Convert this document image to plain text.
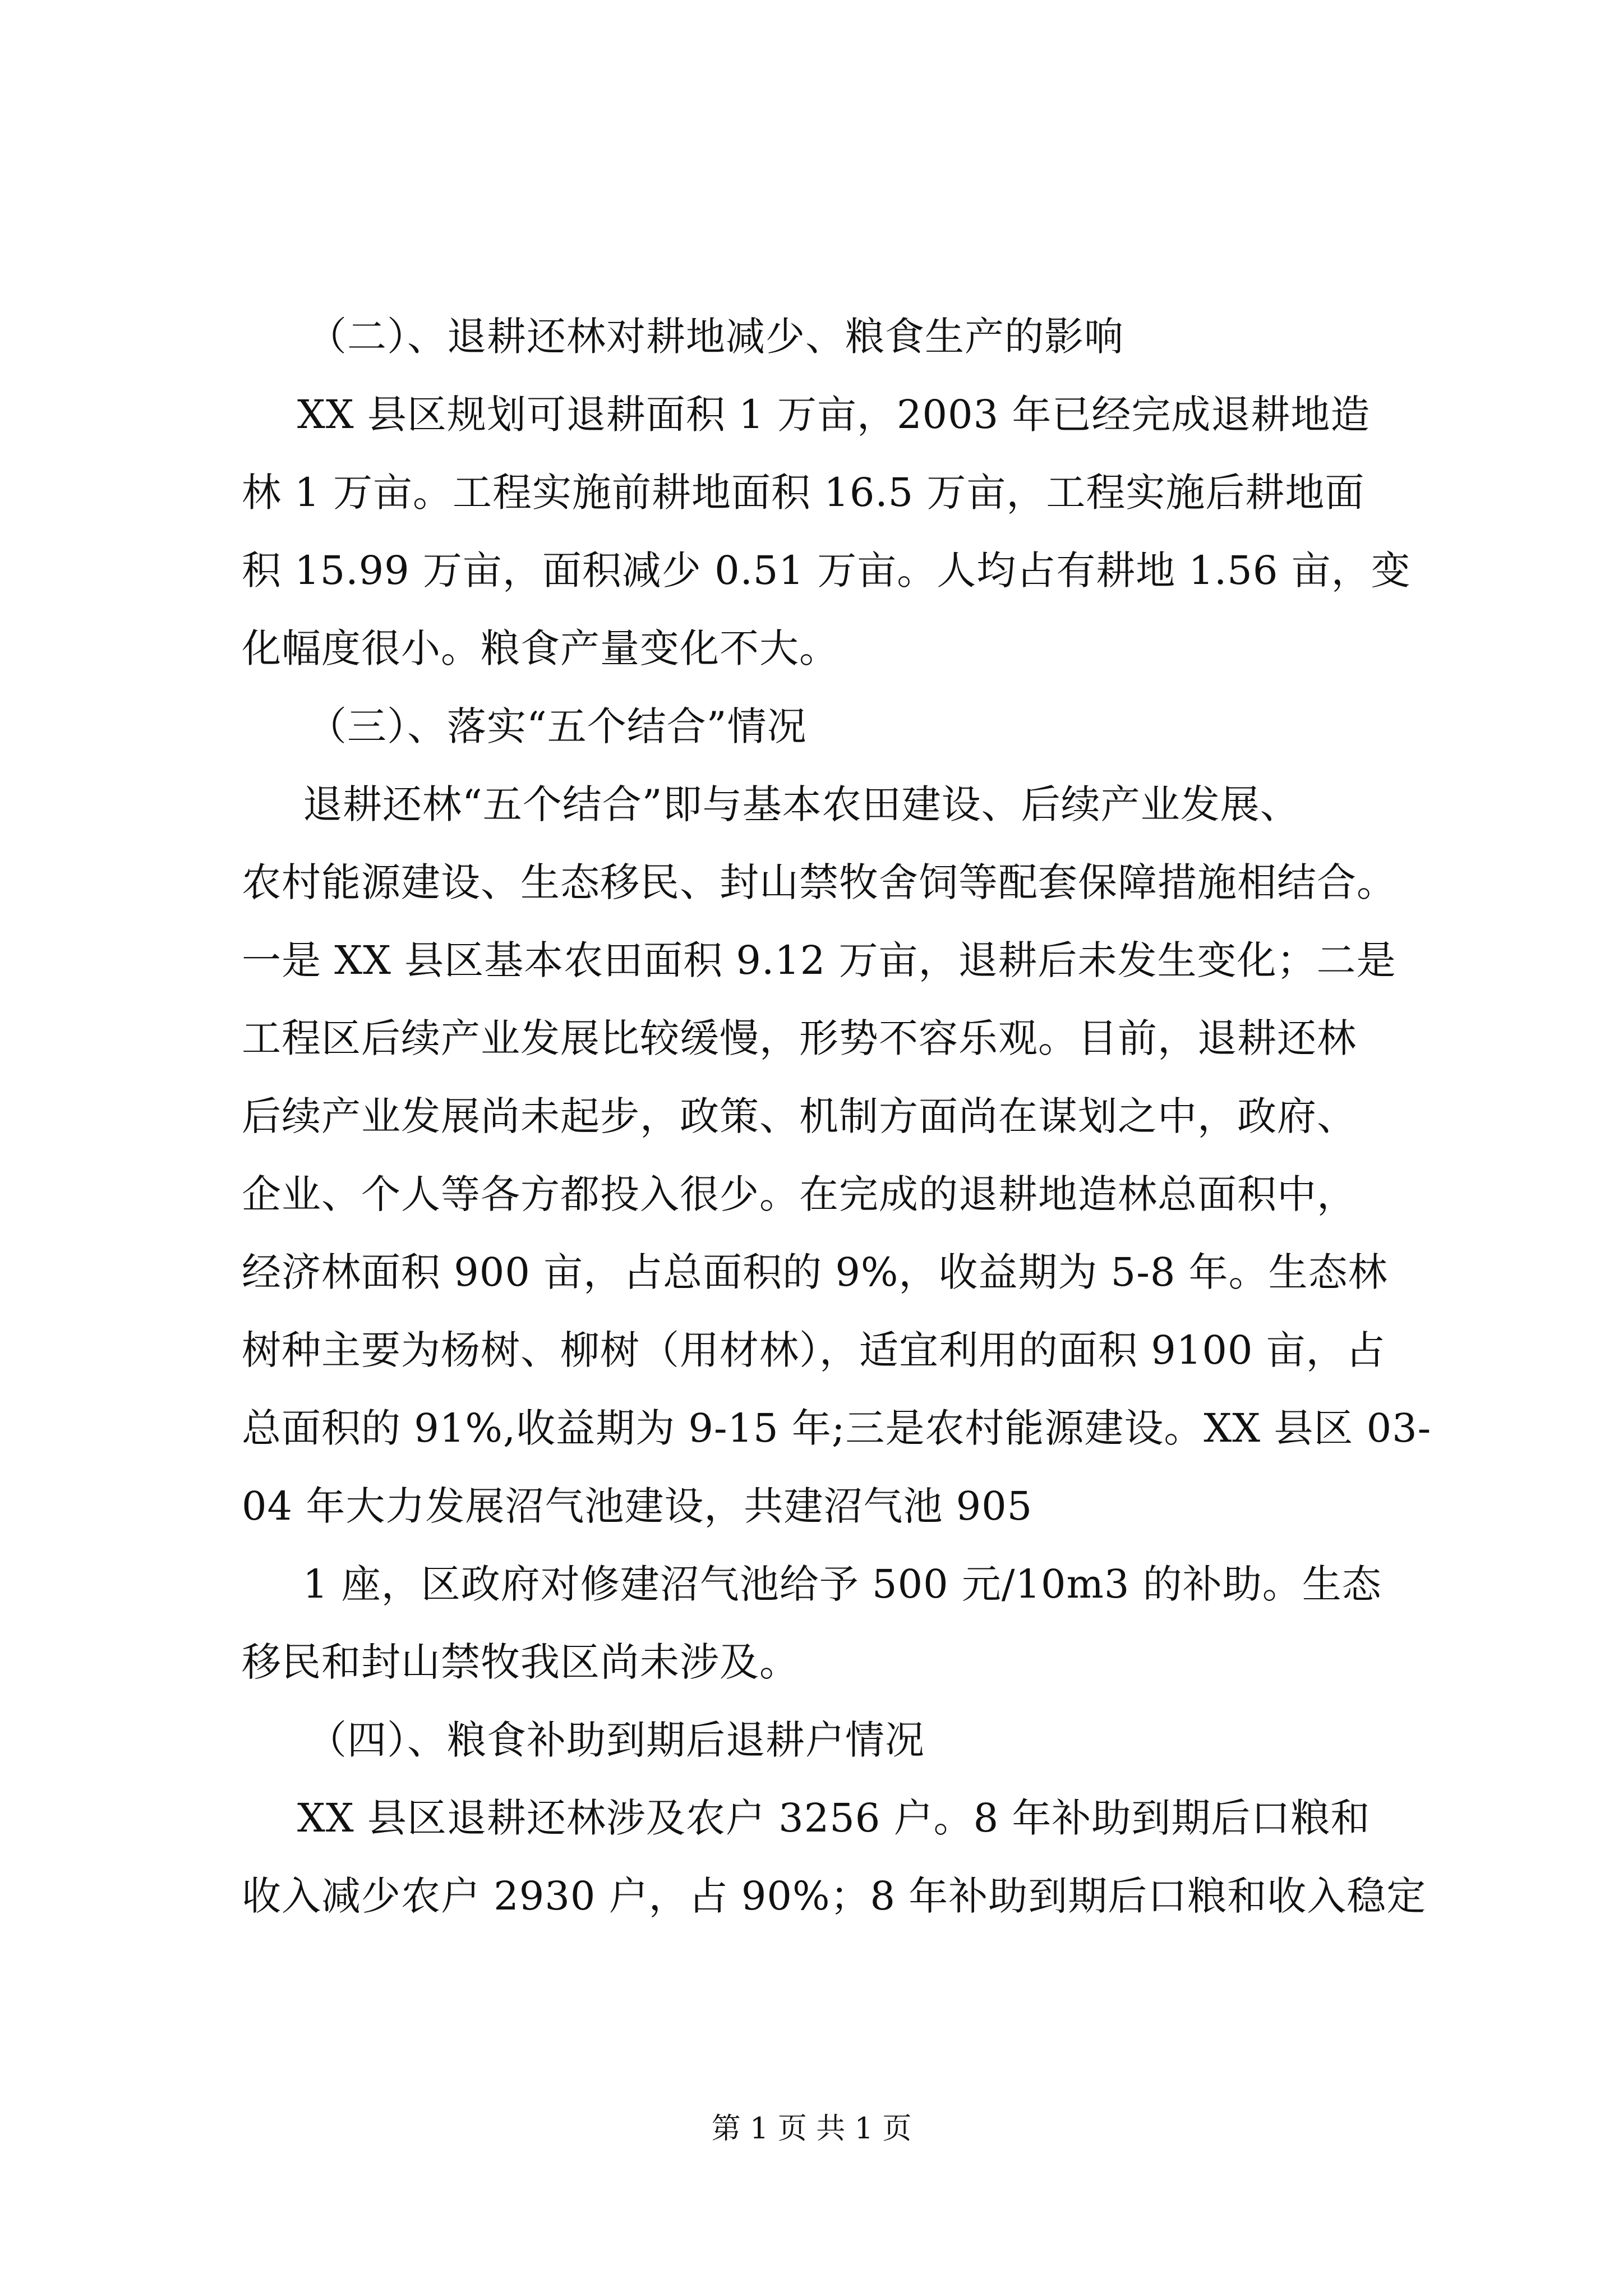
（二）、退耕还林对耕地减少、粮食生产的影响
XX 县区规划可退耕面积 1 万亩，2003 年已经完成退耕地造
林 1 万亩。工程实施前耕地面积 16.5 万亩，工程实施后耕地面
积 15.99 万亩，面积减少 0.51 万亩。人均占有耕地 1.56 亩，变
化幅度很小。粮食产量变化不大。
（三）、落实“五个结合”情况
退耕还林“五个结合”即与基本农田建设、后续产业发展、
农村能源建设、生态移民、封山禁牧舍饲等配套保障措施相结合。
一是 XX 县区基本农田面积 9.12 万亩，退耕后未发生变化；二是
工程区后续产业发展比较缓慢，形势不容乐观。目前，退耕还林
后续产业发展尚未起步，政策、机制方面尚在谋划之中，政府、
企业、个人等各方都投入很少。在完成的退耕地造林总面积中，
经济林面积 900 亩，占总面积的 9%，收益期为 5-8 年。生态林
树种主要为杨树、柳树（用材林），适宜利用的面积 9100 亩，占
总面积的 91%,收益期为 9-15 年;三是农村能源建设。XX 县区 03-
04 年大力发展沼气池建设，共建沼气池 905
1 座，区政府对修建沼气池给予 500 元/10m3 的补助。生态
移民和封山禁牧我区尚未涉及。
（四）、粮食补助到期后退耕户情况
XX 县区退耕还林涉及农户 3256 户。8 年补助到期后口粮和
收入减少农户 2930 户，占 90%；8 年补助到期后口粮和收入稳定
第 1 页 共 1 页
